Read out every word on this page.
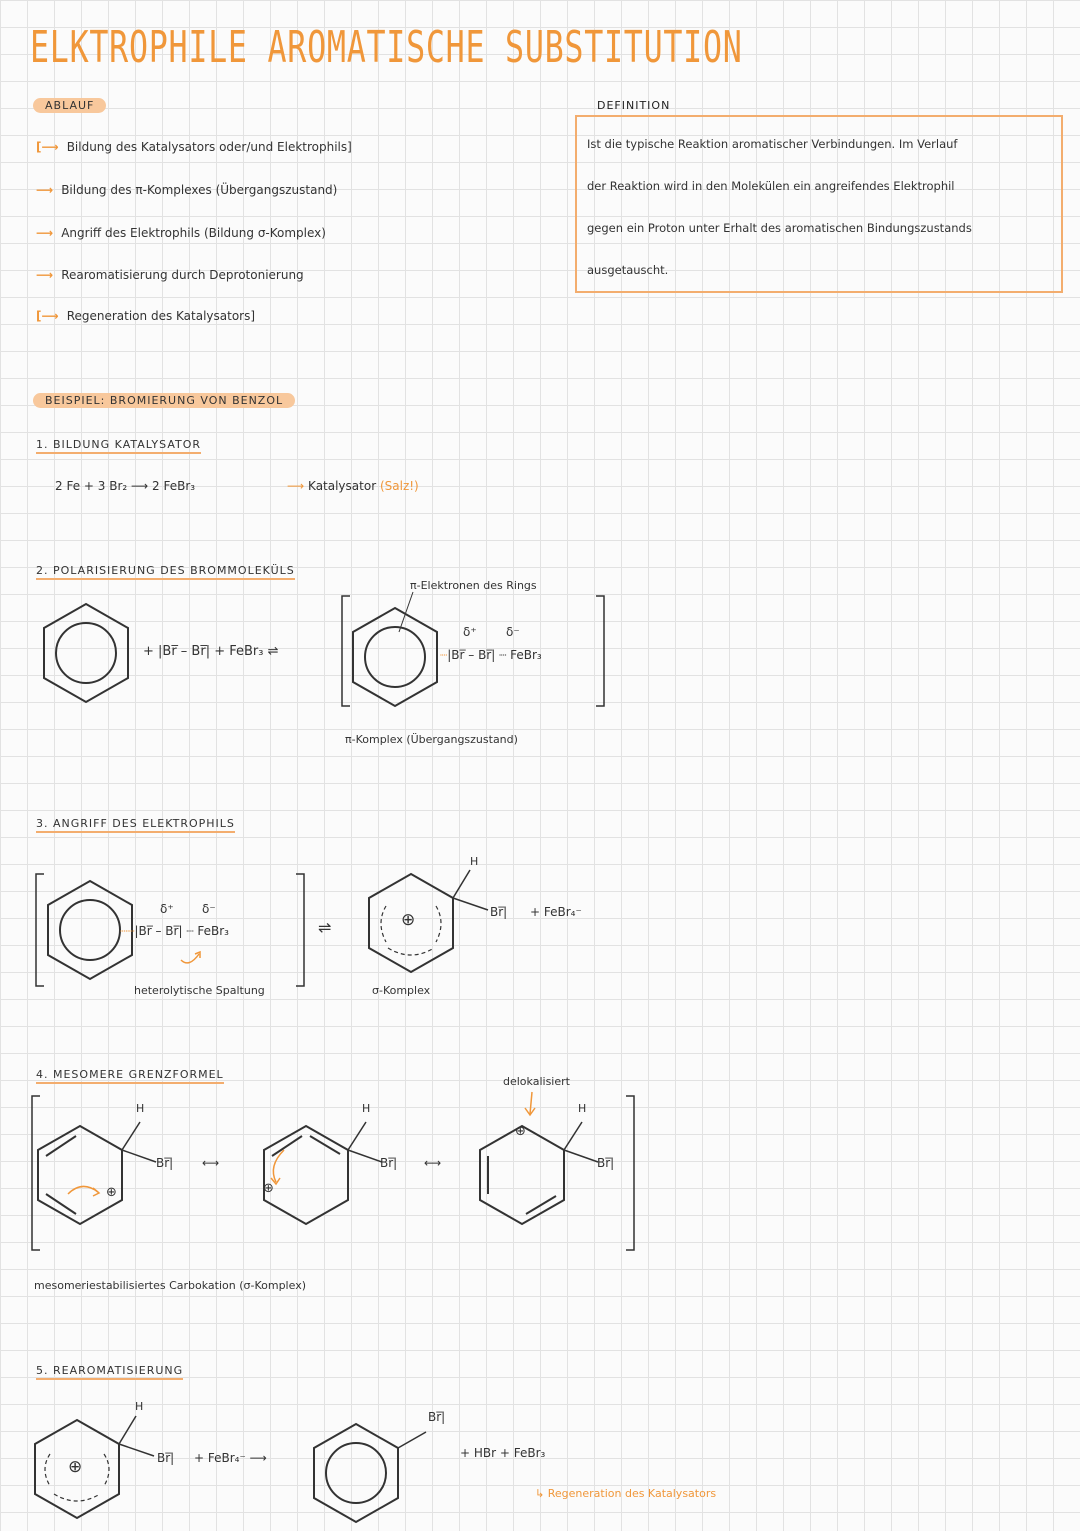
ELKTROPHILE AROMATISCHE SUBSTITUTION
ABLAUF
[⟶ Bildung des Katalysators oder/und Elektrophils]
⟶ Bildung des π-Komplexes (Übergangszustand)
⟶ Angriff des Elektrophils (Bildung σ-Komplex)
⟶ Rearomatisierung durch Deprotonierung
[⟶ Regeneration des Katalysators]
DEFINITION
Ist die typische Reaktion aromatischer Verbindungen. Im Verlauf
der Reaktion wird in den Molekülen ein angreifendes Elektrophil
gegen ein Proton unter Erhalt des aromatischen Bindungszustands
ausgetauscht.
BEISPIEL: BROMIERUNG VON BENZOL
1. BILDUNG KATALYSATOR
2 Fe + 3 Br₂ ⟶ 2 FeBr₃	⟶ Katalysator (Salz!)
2. POLARISIERUNG DES BROMMOLEKÜLS
+ |Br̅ – Br̅| + FeBr₃ ⇌
π-Elektronen des Rings
δ⁺ δ⁻
┈|Br̅ – Br̅| ┈ FeBr₃
π-Komplex (Übergangszustand)
3. ANGRIFF DES ELEKTROPHILS
δ⁺ δ⁻
┈┈|Br̅ – Br̅| ┈ FeBr₃
heterolytische Spaltung
⇌	⊕
H
Br̅| + FeBr₄⁻
σ-Komplex
4. MESOMERE GRENZFORMEL
⊕
H
Br̅| ⟷
⊕
H
Br̅| ⟷
⊕
delokalisiert
H
Br̅|
mesomeriestabilisiertes Carbokation (σ-Komplex)
5. REAROMATISIERUNG
⊕
H
Br̅| + FeBr₄⁻ ⟶
Br̅|
+ HBr + FeBr₃
↳ Regeneration des Katalysators
